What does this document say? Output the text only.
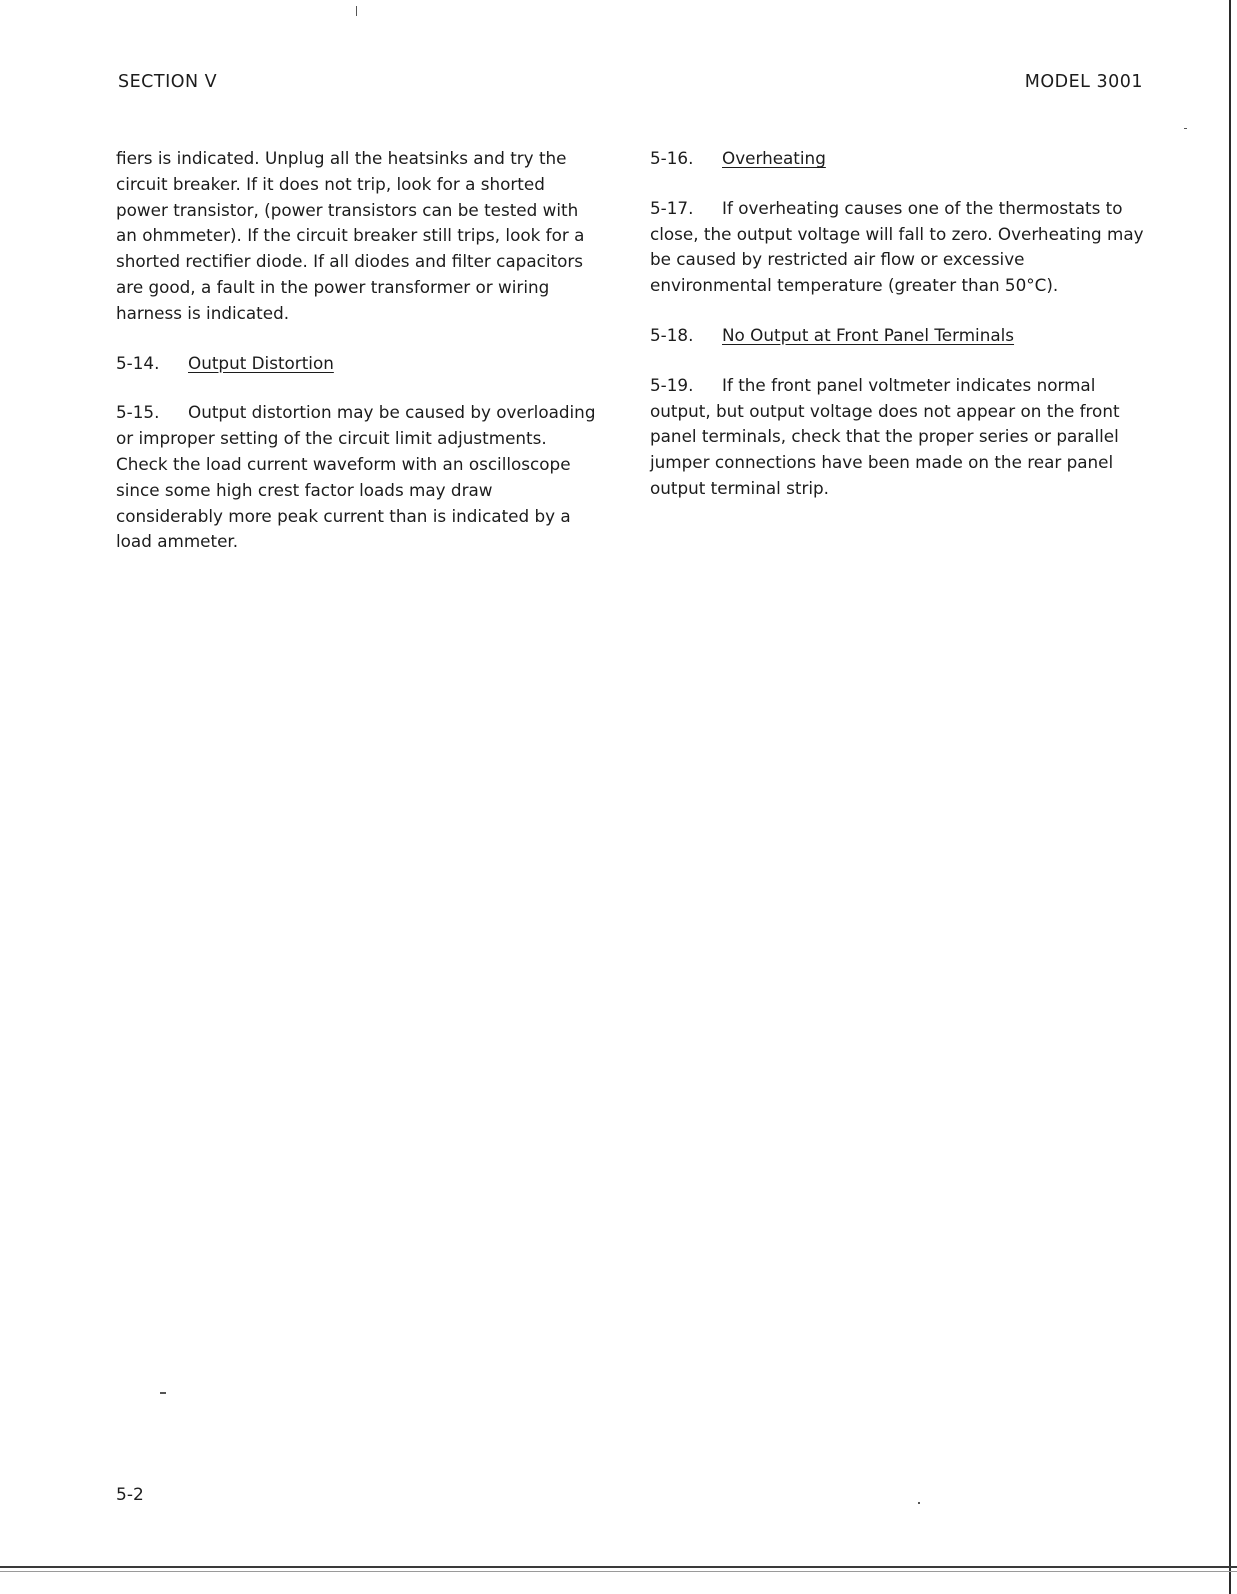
SECTION V	MODEL 3001

fiers is indicated. Unplug all the heatsinks and try the circuit breaker. If it does not trip, look for a shorted power transistor, (power transistors can be tested with an ohmmeter). If the circuit breaker still trips, look for a shorted rectifier diode. If all diodes and filter capacitors are good, a fault in the power transformer or wiring harness is indicated.

5-14. Output Distortion

5-15. Output distortion may be caused by overloading or improper setting of the circuit limit adjustments. Check the load current waveform with an oscilloscope since some high crest factor loads may draw considerably more peak current than is indicated by a load ammeter.

5-16. Overheating

5-17. If overheating causes one of the thermostats to close, the output voltage will fall to zero. Overheating may be caused by restricted air flow or excessive environmental temperature (greater than 50°C).

5-18. No Output at Front Panel Terminals

5-19. If the front panel voltmeter indicates normal output, but output voltage does not appear on the front panel terminals, check that the proper series or parallel jumper connections have been made on the rear panel output terminal strip.

5-2
